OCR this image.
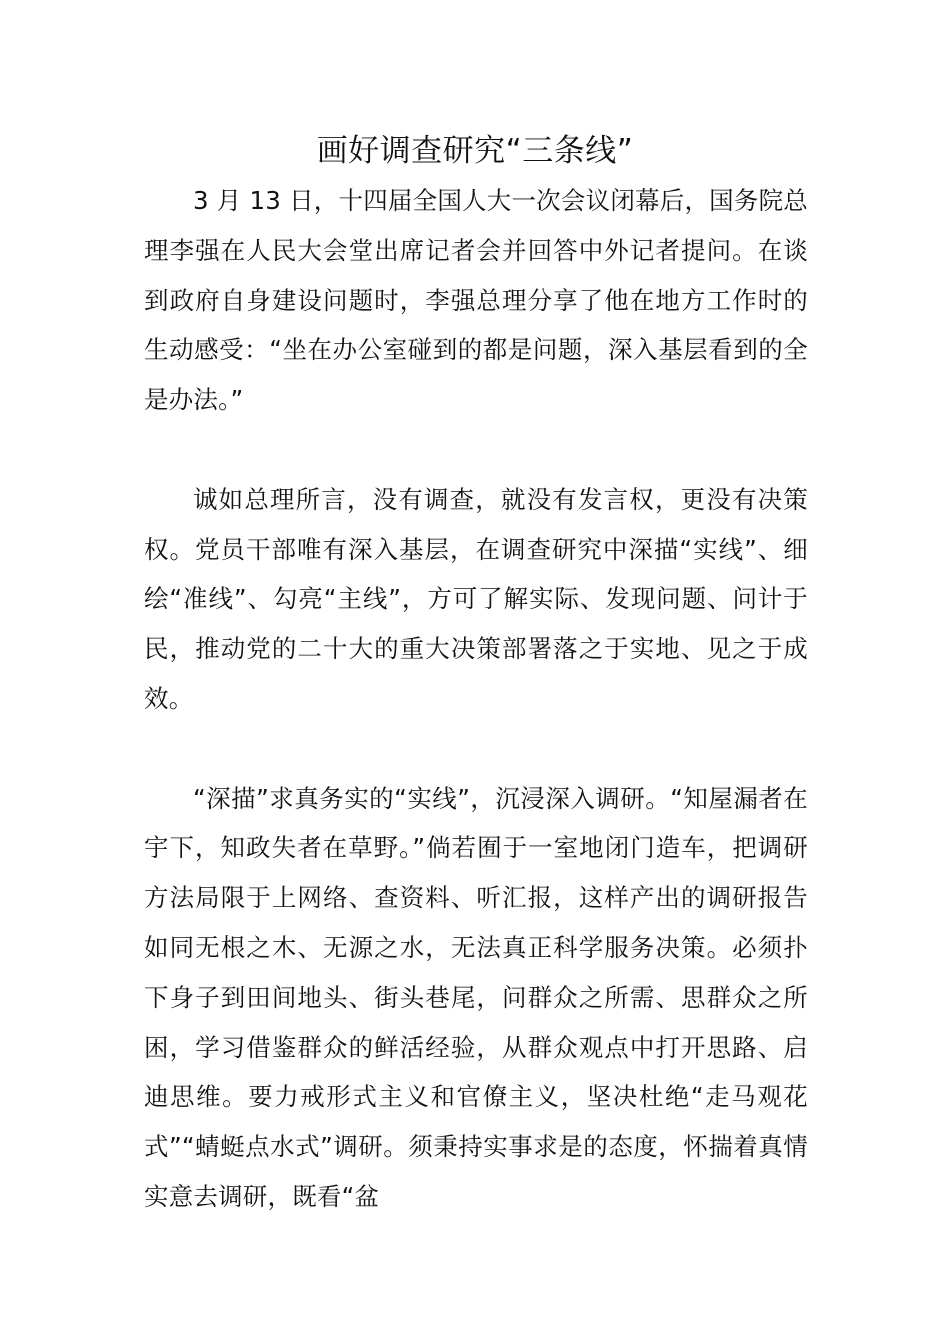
画好调查研究“三条线”

3 月 13 日，十四届全国人大一次会议闭幕后，国务院总理李强在人民大会堂出席记者会并回答中外记者提问。在谈到政府自身建设问题时，李强总理分享了他在地方工作时的生动感受：“坐在办公室碰到的都是问题，深入基层看到的全是办法。”

诚如总理所言，没有调查，就没有发言权，更没有决策权。党员干部唯有深入基层，在调查研究中深描“实线”、细绘“准线”、勾亮“主线”，方可了解实际、发现问题、问计于民，推动党的二十大的重大决策部署落之于实地、见之于成效。

“深描”求真务实的“实线”，沉浸深入调研。“知屋漏者在宇下，知政失者在草野。”倘若囿于一室地闭门造车，把调研方法局限于上网络、查资料、听汇报，这样产出的调研报告如同无根之木、无源之水，无法真正科学服务决策。必须扑下身子到田间地头、街头巷尾，问群众之所需、思群众之所困，学习借鉴群众的鲜活经验，从群众观点中打开思路、启迪思维。要力戒形式主义和官僚主义，坚决杜绝“走马观花式”“蜻蜓点水式”调研。须秉持实事求是的态度，怀揣着真情实意去调研，既看“盆
